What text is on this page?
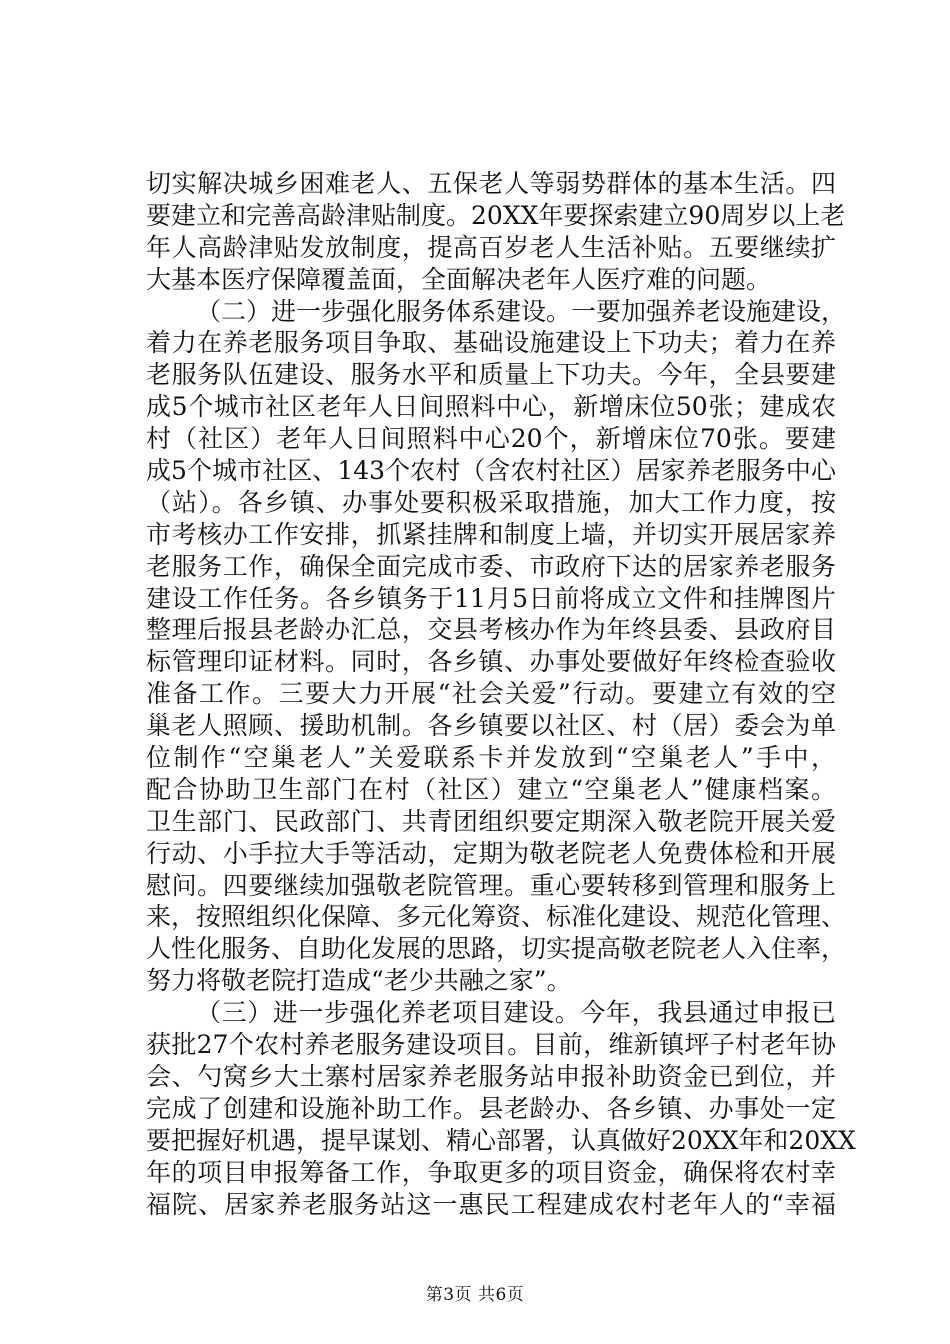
切实解决城乡困难老人、五保老人等弱势群体的基本生活。四
要建立和完善高龄津贴制度。20XX年要探索建立90周岁以上老
年人高龄津贴发放制度，提高百岁老人生活补贴。五要继续扩
大基本医疗保障覆盖面，全面解决老年人医疗难的问题。
（二）进一步强化服务体系建设。一要加强养老设施建设，
着力在养老服务项目争取、基础设施建设上下功夫；着力在养
老服务队伍建设、服务水平和质量上下功夫。今年，全县要建
成5个城市社区老年人日间照料中心，新增床位50张；建成农
村（社区）老年人日间照料中心20个，新增床位70张。要建
成5个城市社区、143个农村（含农村社区）居家养老服务中心
（站）。各乡镇、办事处要积极采取措施，加大工作力度，按
市考核办工作安排，抓紧挂牌和制度上墙，并切实开展居家养
老服务工作，确保全面完成市委、市政府下达的居家养老服务
建设工作任务。各乡镇务于11月5日前将成立文件和挂牌图片
整理后报县老龄办汇总，交县考核办作为年终县委、县政府目
标管理印证材料。同时，各乡镇、办事处要做好年终检查验收
准备工作。三要大力开展“社会关爱”行动。要建立有效的空
巢老人照顾、援助机制。各乡镇要以社区、村（居）委会为单
位制作“空巢老人”关爱联系卡并发放到“空巢老人”手中，
配合协助卫生部门在村（社区）建立“空巢老人”健康档案。
卫生部门、民政部门、共青团组织要定期深入敬老院开展关爱
行动、小手拉大手等活动，定期为敬老院老人免费体检和开展
慰问。四要继续加强敬老院管理。重心要转移到管理和服务上
来，按照组织化保障、多元化筹资、标准化建设、规范化管理、
人性化服务、自助化发展的思路，切实提高敬老院老人入住率，
努力将敬老院打造成“老少共融之家”。
（三）进一步强化养老项目建设。今年，我县通过申报已
获批27个农村养老服务建设项目。目前，维新镇坪子村老年协
会、勺窝乡大土寨村居家养老服务站申报补助资金已到位，并
完成了创建和设施补助工作。县老龄办、各乡镇、办事处一定
要把握好机遇，提早谋划、精心部署，认真做好20XX年和20XX
年的项目申报筹备工作，争取更多的项目资金，确保将农村幸
福院、居家养老服务站这一惠民工程建成农村老年人的“幸福
第3页 共6页
